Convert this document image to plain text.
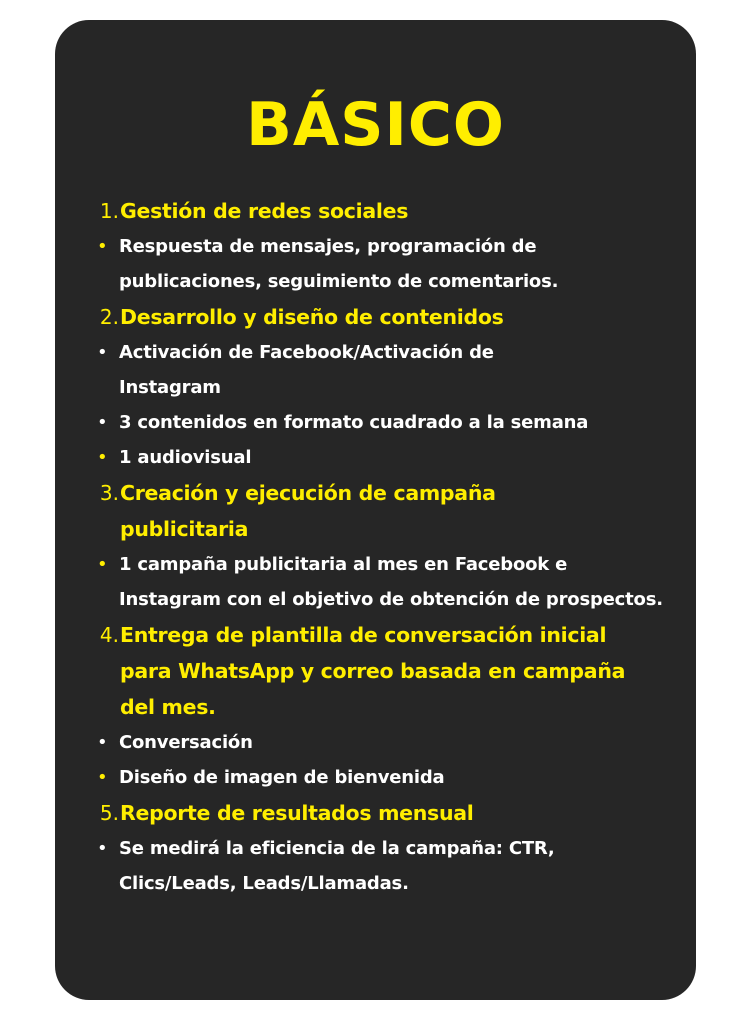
BÁSICO
1. Gestión de redes sociales
• Respuesta de mensajes, programación de publicaciones, seguimiento de comentarios.
2. Desarrollo y diseño de contenidos
• Activación de Facebook/Activación de Instagram
• 3 contenidos en formato cuadrado a la semana
• 1 audiovisual
3. Creación y ejecución de campaña publicitaria
• 1 campaña publicitaria al mes en Facebook e Instagram con el objetivo de obtención de prospectos.
4. Entrega de plantilla de conversación inicial para WhatsApp y correo basada en campaña del mes.
• Conversación
• Diseño de imagen de bienvenida
5. Reporte de resultados mensual
• Se medirá la eficiencia de la campaña: CTR, Clics/Leads, Leads/Llamadas.
